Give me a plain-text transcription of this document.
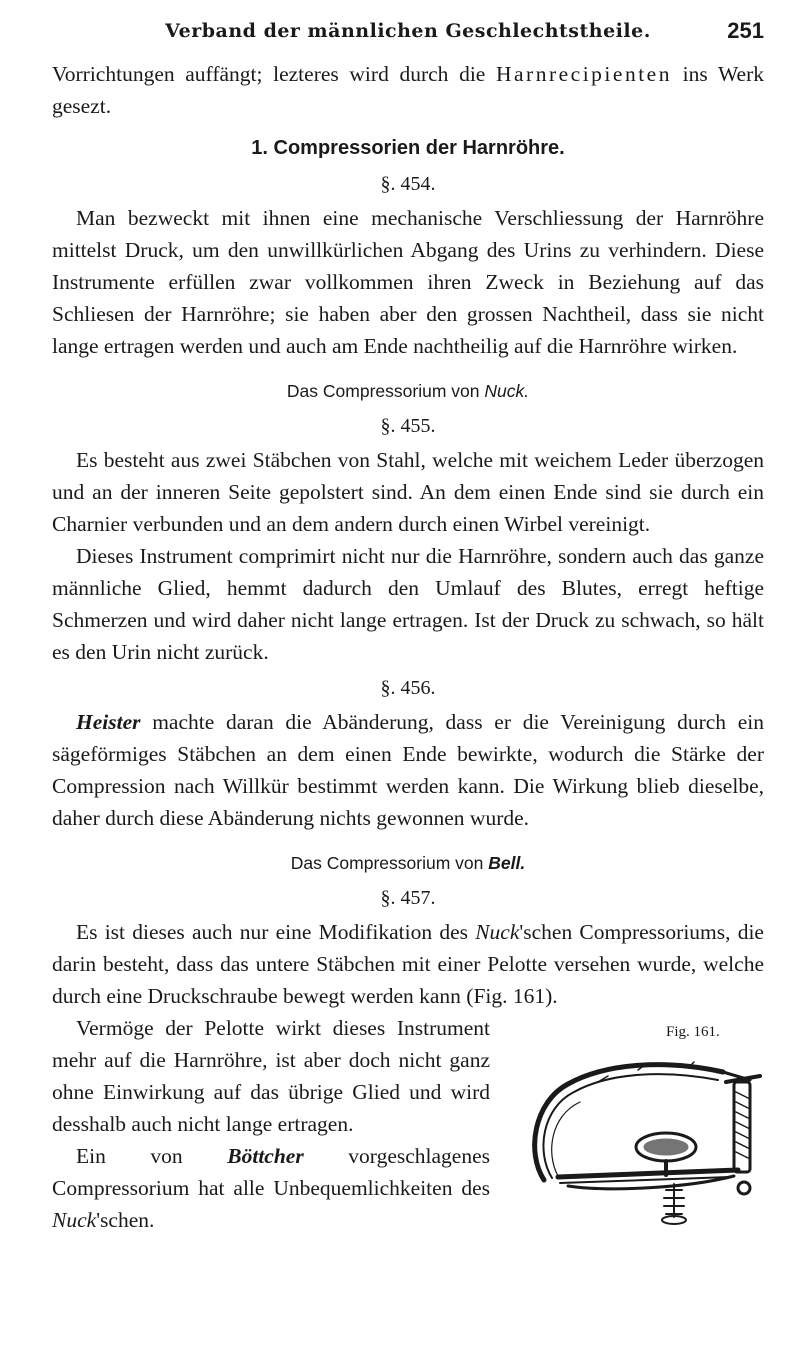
Verband der männlichen Geschlechtstheile.	251

Vorrichtungen auffängt; lezteres wird durch die Harnrecipienten ins Werk gesezt.

1. Compressorien der Harnröhre.
§. 454.

Man bezweckt mit ihnen eine mechanische Verschliessung der Harnröhre mittelst Druck, um den unwillkürlichen Abgang des Urins zu verhindern. Diese Instrumente erfüllen zwar vollkommen ihren Zweck in Beziehung auf das Schliesen der Harnröhre; sie haben aber den grossen Nachtheil, dass sie nicht lange ertragen werden und auch am Ende nachtheilig auf die Harnröhre wirken.

Das Compressorium von Nuck.
§. 455.

Es besteht aus zwei Stäbchen von Stahl, welche mit weichem Leder überzogen und an der inneren Seite gepolstert sind. An dem einen Ende sind sie durch ein Charnier verbunden und an dem andern durch einen Wirbel vereinigt.

Dieses Instrument comprimirt nicht nur die Harnröhre, sondern auch das ganze männliche Glied, hemmt dadurch den Umlauf des Blutes, erregt heftige Schmerzen und wird daher nicht lange ertragen. Ist der Druck zu schwach, so hält es den Urin nicht zurück.

§. 456.

Heister machte daran die Abänderung, dass er die Vereinigung durch ein sägeförmiges Stäbchen an dem einen Ende bewirkte, wodurch die Stärke der Compression nach Willkür bestimmt werden kann. Die Wirkung blieb dieselbe, daher durch diese Abänderung nichts gewonnen wurde.

Das Compressorium von Bell.
§. 457.

Es ist dieses auch nur eine Modifikation des Nuck'schen Compressoriums, die darin besteht, dass das untere Stäbchen mit einer Pelotte versehen wurde, welche durch eine Druckschraube bewegt werden kann (Fig. 161).

Fig. 161.

Vermöge der Pelotte wirkt dieses Instrument mehr auf die Harnröhre, ist aber doch nicht ganz ohne Einwirkung auf das übrige Glied und wird desshalb auch nicht lange ertragen.

Ein von Böttcher vorgeschlagenes Compressorium hat alle Unbequemlichkeiten des Nuck'schen.
